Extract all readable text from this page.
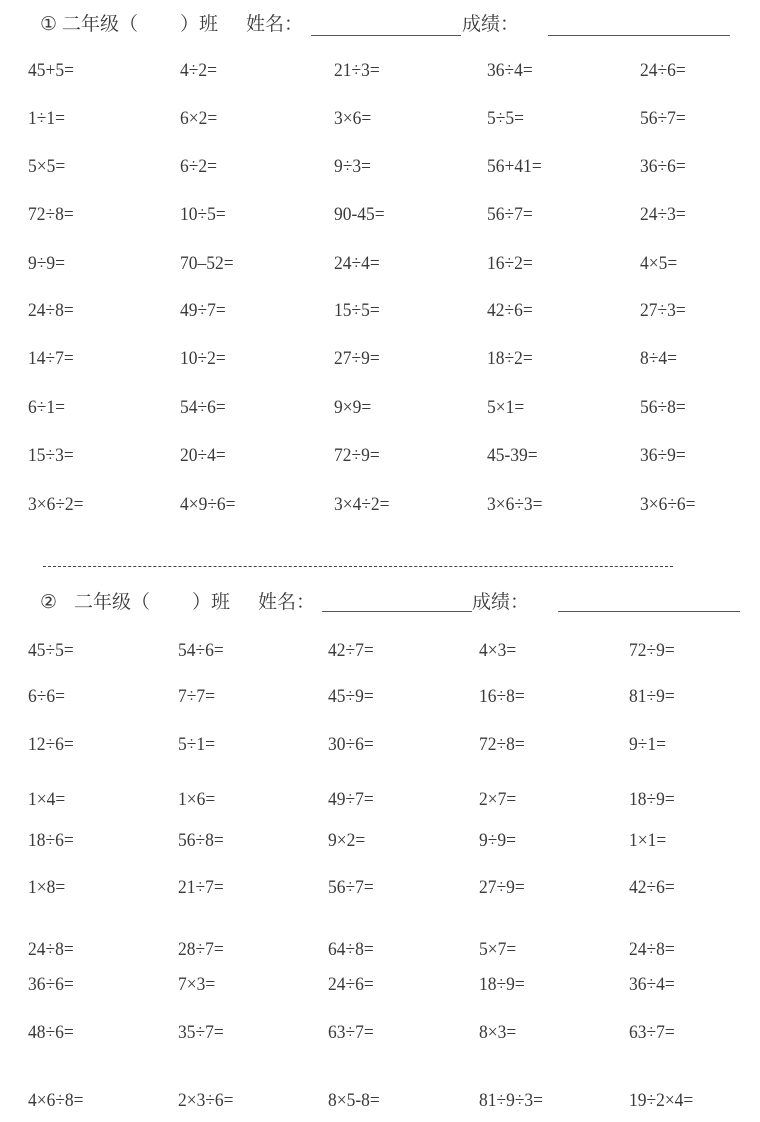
① 二年级（ ）班 姓名：	成绩：
45+5=	4÷2=	21÷3=	36÷4=	24÷6=
1÷1=	6×2=	3×6=	5÷5=	56÷7=
5×5=	6÷2=	9÷3=	56+41=	36÷6=
72÷8=	10÷5=	90-45=	56÷7=	24÷3=
9÷9=	70–52=	24÷4=	16÷2=	4×5=
24÷8=	49÷7=	15÷5=	42÷6=	27÷3=
14÷7=	10÷2=	27÷9=	18÷2=	8÷4=
6÷1=	54÷6=	9×9=	5×1=	56÷8=
15÷3=	20÷4=	72÷9=	45-39=	36÷9=
3×6÷2=	4×9÷6=	3×4÷2=	3×6÷3=	3×6÷6=
② 二年级（ ）班 姓名：	成绩：
45÷5=	54÷6=	42÷7=	4×3=	72÷9=
6÷6=	7÷7=	45÷9=	16÷8=	81÷9=
12÷6=	5÷1=	30÷6=	72÷8=	9÷1=
1×4=	1×6=	49÷7=	2×7=	18÷9=
18÷6=	56÷8=	9×2=	9÷9=	1×1=
1×8=	21÷7=	56÷7=	27÷9=	42÷6=
24÷8=	28÷7=	64÷8=	5×7=	24÷8=
36÷6=	7×3=	24÷6=	18÷9=	36÷4=
48÷6=	35÷7=	63÷7=	8×3=	63÷7=
4×6÷8=	2×3÷6=	8×5-8=	81÷9÷3=	19÷2×4=
